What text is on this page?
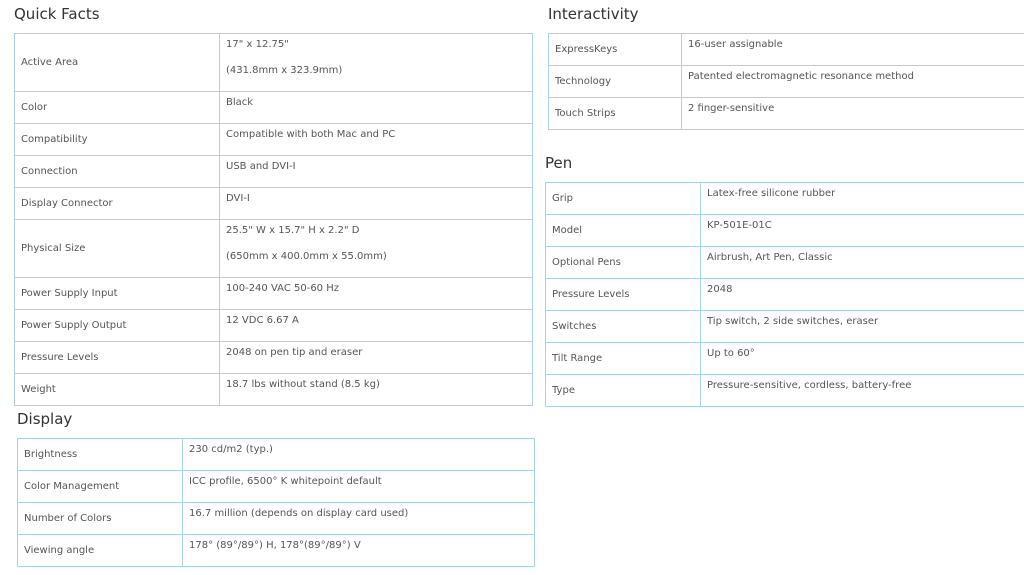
Quick Facts
Active Area	17" x 12.75"
(431.8mm x 323.9mm)

Color	Black
Compatibility	Compatible with both Mac and PC
Connection	USB and DVI-I
Display Connector	DVI-I
Physical Size	25.5" W x 15.7" H x 2.2" D
(650mm x 400.0mm x 55.0mm)

Power Supply Input	100-240 VAC 50-60 Hz
Power Supply Output	12 VDC 6.67 A
Pressure Levels	2048 on pen tip and eraser
Weight	18.7 lbs without stand (8.5 kg)
Display
Brightness	230 cd/m2 (typ.)
Color Management	ICC profile, 6500° K whitepoint default
Number of Colors	16.7 million (depends on display card used)
Viewing angle	178° (89°/89°) H, 178°(89°/89°) V
Interactivity
ExpressKeys	16-user assignable
Technology	Patented electromagnetic resonance method
Touch Strips	2 finger-sensitive
Pen
Grip	Latex-free silicone rubber
Model	KP-501E-01C
Optional Pens	Airbrush, Art Pen, Classic
Pressure Levels	2048
Switches	Tip switch, 2 side switches, eraser
Tilt Range	Up to 60°
Type	Pressure-sensitive, cordless, battery-free
